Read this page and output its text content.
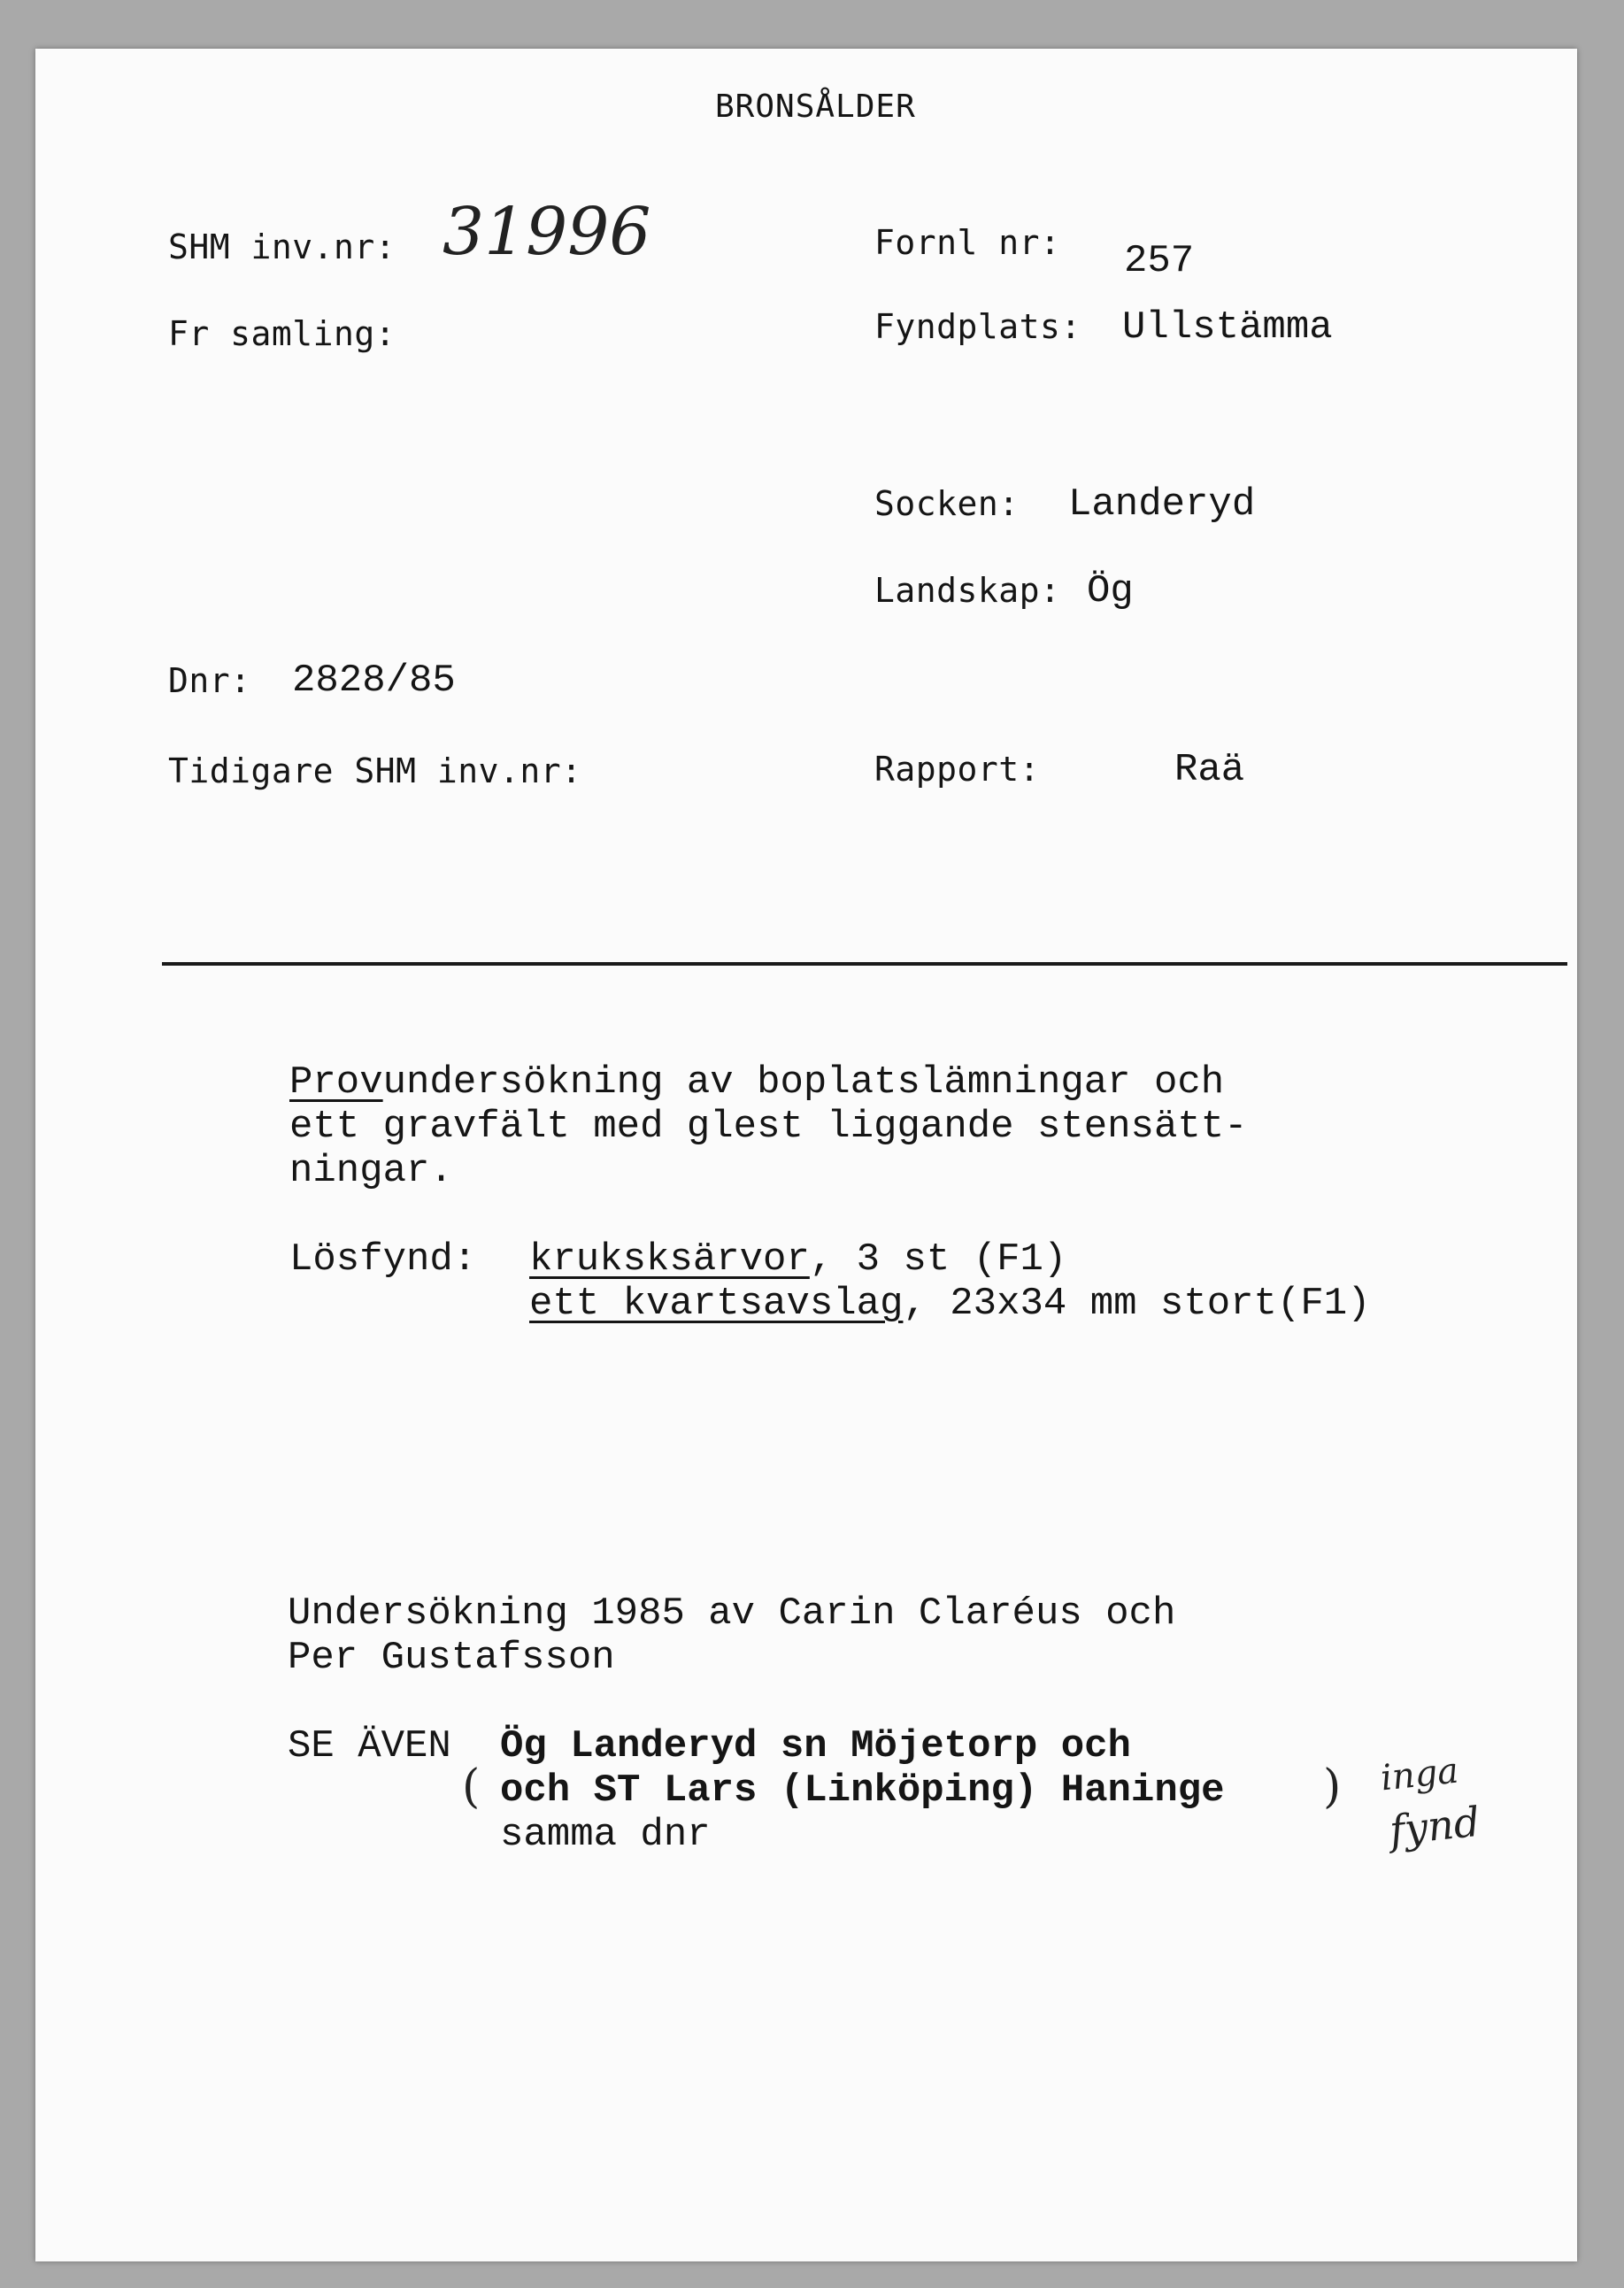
BRONSÅLDER
SHM inv.nr: 31996
Fr samling:
Dnr: 2828/85
Tidigare SHM inv.nr:
Fornl nr: 257
Fyndplats: Ullstämma
Socken: Landeryd
Landskap: Ög
Rapport:	Raä
Provundersökning av boplatslämningar och
ett gravfält med glest liggande stensätt-
ningar.
Lösfynd: kruksksärvor, 3 st (F1)
ett kvartsavslag, 23x34 mm stort(F1)
Undersökning 1985 av Carin Claréus och
Per Gustafsson
SE ÄVEN Ög Landeryd sn Möjetorp och
( och ST Lars (Linköping) Haninge )
samma dnr
inga
fynd
